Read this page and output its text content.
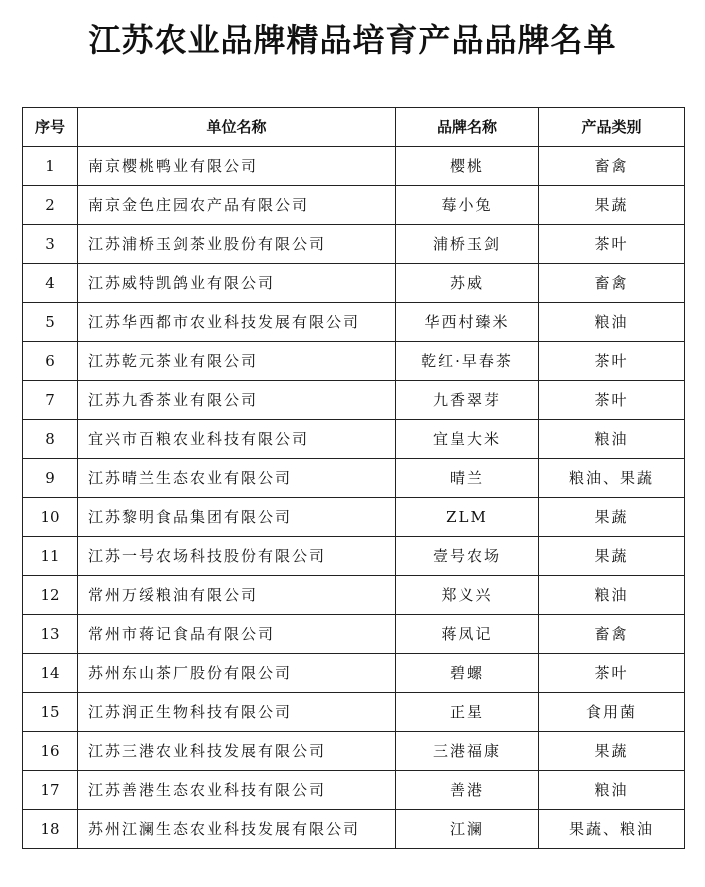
江苏农业品牌精品培育产品品牌名单
序号	单位名称	品牌名称	产品类别
1	南京樱桃鸭业有限公司	樱桃	畜禽
2	南京金色庄园农产品有限公司	莓小兔	果蔬
3	江苏浦桥玉剑茶业股份有限公司	浦桥玉剑	茶叶
4	江苏威特凯鸽业有限公司	苏威	畜禽
5	江苏华西都市农业科技发展有限公司	华西村臻米	粮油
6	江苏乾元茶业有限公司	乾红·早春茶	茶叶
7	江苏九香茶业有限公司	九香翠芽	茶叶
8	宜兴市百粮农业科技有限公司	宜皇大米	粮油
9	江苏晴兰生态农业有限公司	晴兰	粮油、果蔬
10	江苏黎明食品集团有限公司	ZLM	果蔬
11	江苏一号农场科技股份有限公司	壹号农场	果蔬
12	常州万绥粮油有限公司	郑义兴	粮油
13	常州市蒋记食品有限公司	蒋凤记	畜禽
14	苏州东山茶厂股份有限公司	碧螺	茶叶
15	江苏润正生物科技有限公司	正星	食用菌
16	江苏三港农业科技发展有限公司	三港福康	果蔬
17	江苏善港生态农业科技有限公司	善港	粮油
18	苏州江澜生态农业科技发展有限公司	江澜	果蔬、粮油
